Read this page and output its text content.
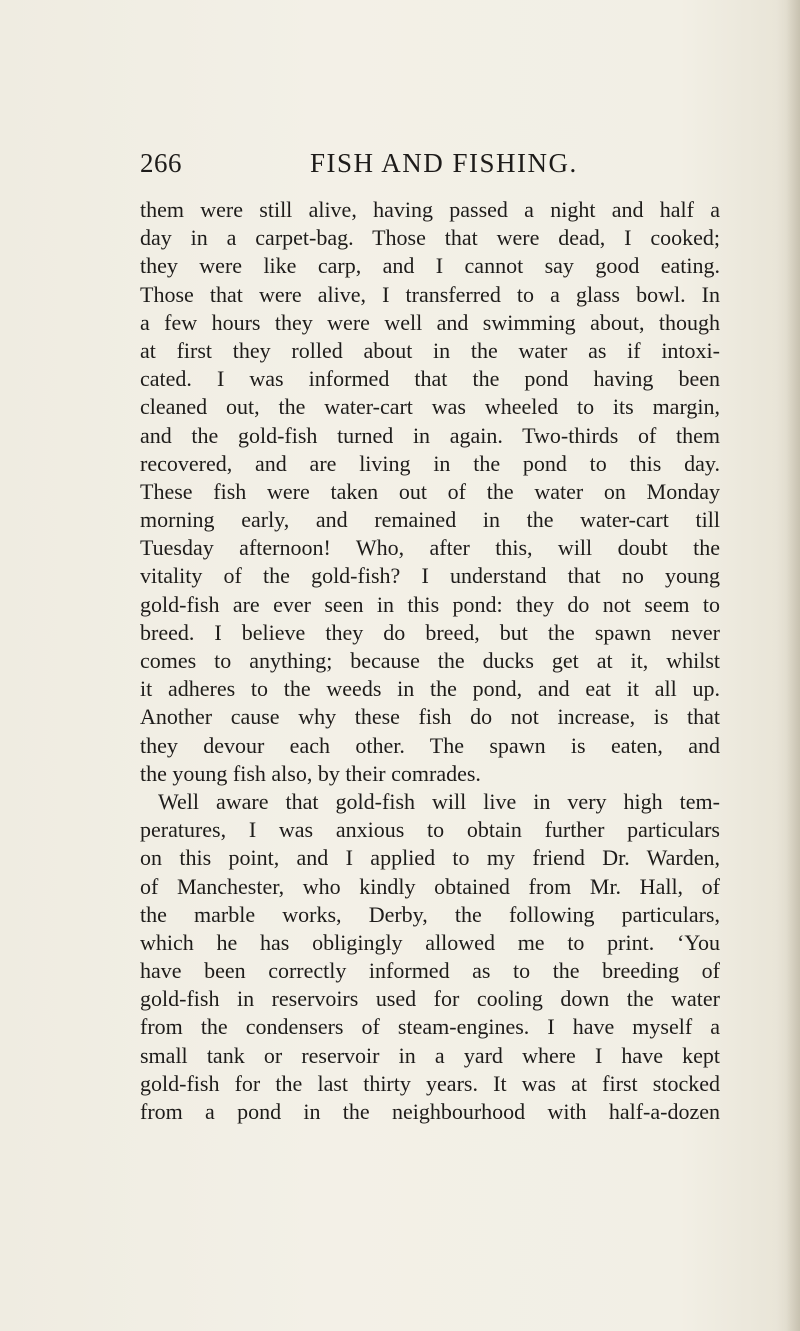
266	FISH AND FISHING.
them were still alive, having passed a night and half a
day in a carpet-bag. Those that were dead, I cooked;
they were like carp, and I cannot say good eating.
Those that were alive, I transferred to a glass bowl. In
a few hours they were well and swimming about, though
at first they rolled about in the water as if intoxi-
cated. I was informed that the pond having been
cleaned out, the water-cart was wheeled to its margin,
and the gold-fish turned in again. Two-thirds of them
recovered, and are living in the pond to this day.
These fish were taken out of the water on Monday
morning early, and remained in the water-cart till
Tuesday afternoon! Who, after this, will doubt the
vitality of the gold-fish? I understand that no young
gold-fish are ever seen in this pond: they do not seem to
breed. I believe they do breed, but the spawn never
comes to anything; because the ducks get at it, whilst
it adheres to the weeds in the pond, and eat it all up.
Another cause why these fish do not increase, is that
they devour each other. The spawn is eaten, and
the young fish also, by their comrades.
Well aware that gold-fish will live in very high tem-
peratures, I was anxious to obtain further particulars
on this point, and I applied to my friend Dr. Warden,
of Manchester, who kindly obtained from Mr. Hall, of
the marble works, Derby, the following particulars,
which he has obligingly allowed me to print. ‘You
have been correctly informed as to the breeding of
gold-fish in reservoirs used for cooling down the water
from the condensers of steam-engines. I have myself a
small tank or reservoir in a yard where I have kept
gold-fish for the last thirty years. It was at first stocked
from a pond in the neighbourhood with half-a-dozen
